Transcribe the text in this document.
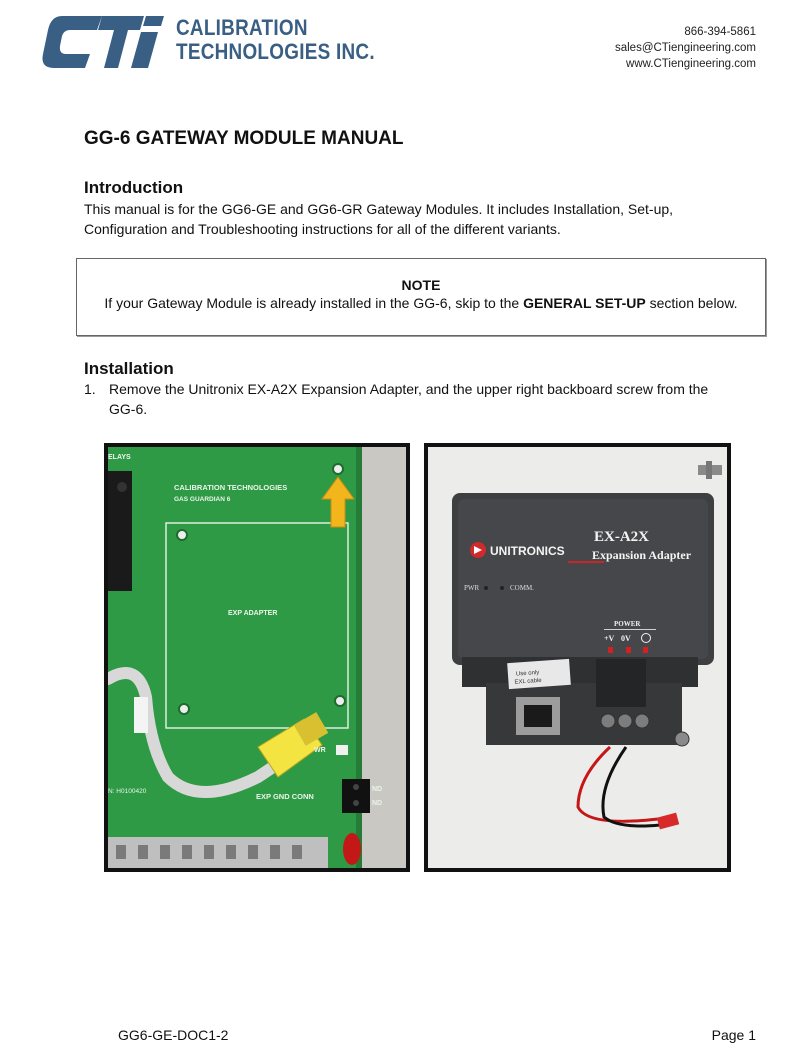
CALIBRATION
TECHNOLOGIES INC.
866-394-5861
sales@CTiengineering.com
www.CTiengineering.com
GG-6 GATEWAY MODULE MANUAL
Introduction
This manual is for the GG6-GE and GG6-GR Gateway Modules. It includes Installation, Set-up,
Configuration and Troubleshooting instructions for all of the different variants.
NOTE
If your Gateway Module is already installed in the GG-6, skip to the GENERAL SET-UP section below.
Installation
1. Remove the Unitronix EX-A2X Expansion Adapter, and the upper right backboard screw from the
GG-6.
ELAYS
CALIBRATION TECHNOLOGIES
GAS GUARDIAN 6
EXP ADAPTER
WR
N: H0100420
EXP GND CONN
ND
ND
UNITRONICS
EX-A2X
Expansion Adapter
PWR	COMM.
POWER
+V 0V
Use only
EXL cable
GG6-GE-DOC1-2	Page 1
